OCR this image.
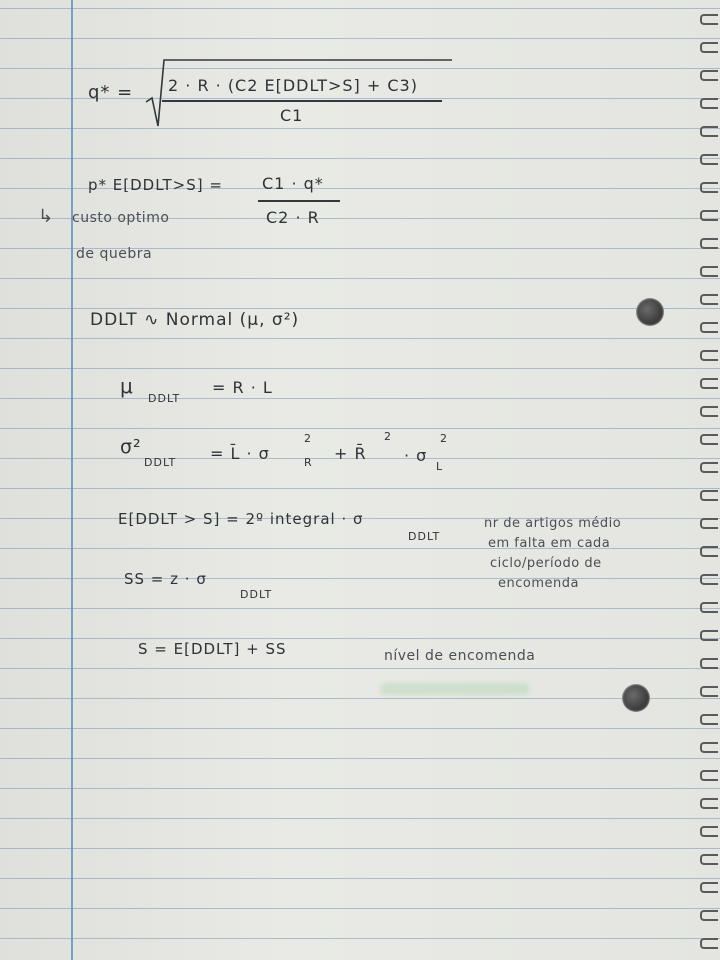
q* = 2 · R · (C2 E[DDLT>S] + C3)
C1
p* E[DDLT>S] = C1 · q*
C2 · R
↳ custo optimo
de quebra
DDLT ∿ Normal (μ, σ²)
μ
DDLT
= R · L
σ²
DDLT = L̄ · σ	R
2
+ R̄
2
· σ
L
2
E[DDLT > S] = 2º integral · σ
DDLT
nr de artigos médio
em falta em cada
ciclo/período de
encomenda
SS = z · σ
DDLT
S = E[DDLT] + SS	nível de encomenda
